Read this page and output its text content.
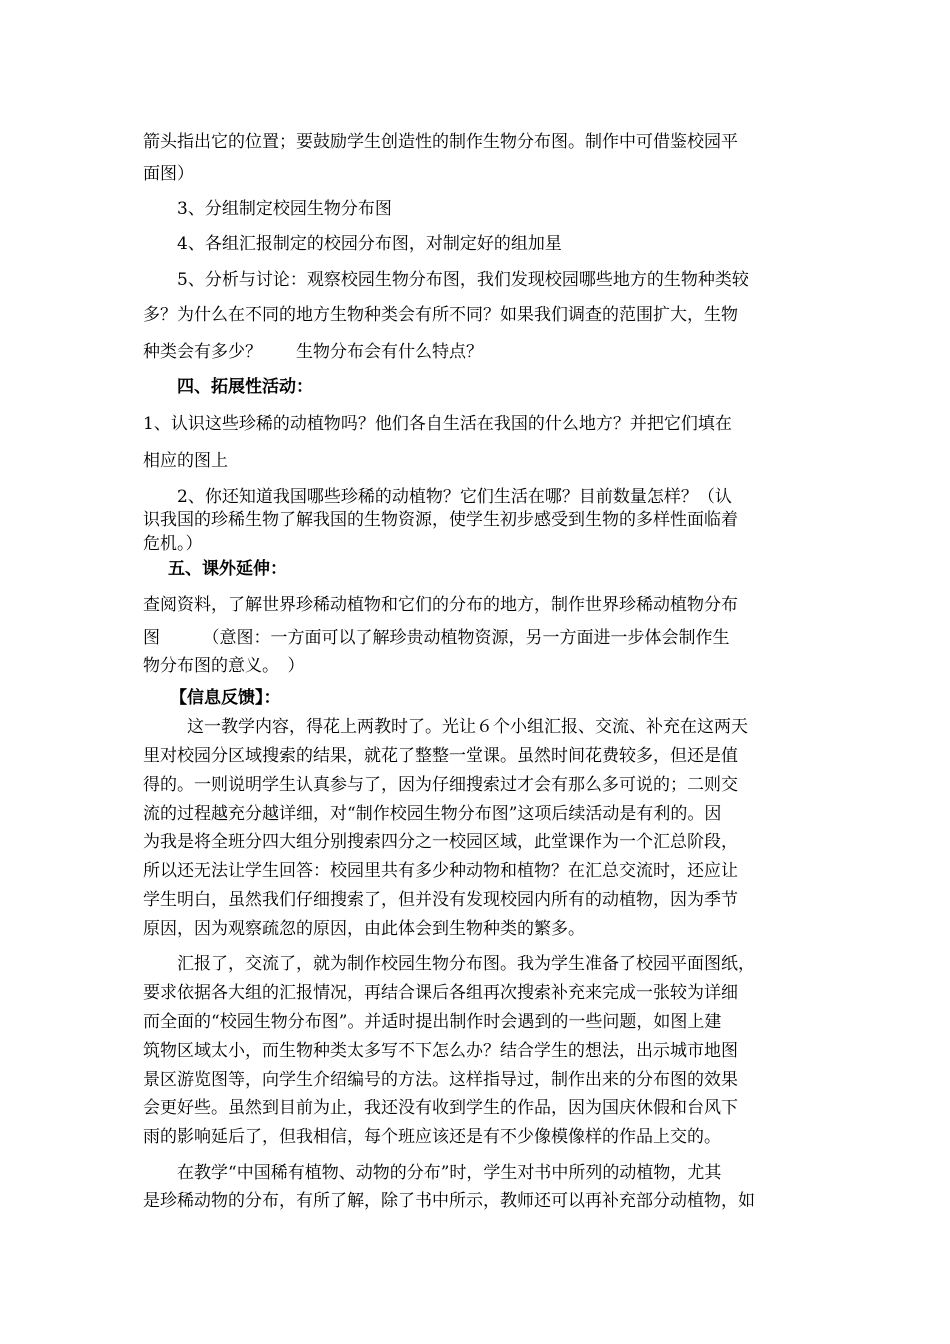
箭头指出它的位置；要鼓励学生创造性的制作生物分布图。制作中可借鉴校园平
面图）
3、分组制定校园生物分布图
4、各组汇报制定的校园分布图，对制定好的组加星
5、分析与讨论：观察校园生物分布图，我们发现校园哪些地方的生物种类较
多？为什么在不同的地方生物种类会有所不同？如果我们调查的范围扩大，生物
种类会有多少？　　生物分布会有什么特点？
四、拓展性活动：
1、认识这些珍稀的动植物吗？他们各自生活在我国的什么地方？并把它们填在
相应的图上
2、你还知道我国哪些珍稀的动植物？它们生活在哪？目前数量怎样？（认
识我国的珍稀生物了解我国的生物资源，使学生初步感受到生物的多样性面临着
危机。）
五、课外延伸：
查阅资料，了解世界珍稀动植物和它们的分布的地方，制作世界珍稀动植物分布
图　　　（意图：一方面可以了解珍贵动植物资源，另一方面进一步体会制作生
物分布图的意义。　）
【信息反馈】：
这一教学内容，得花上两教时了。光让６个小组汇报、交流、补充在这两天
里对校园分区域搜索的结果，就花了整整一堂课。虽然时间花费较多，但还是值
得的。一则说明学生认真参与了，因为仔细搜索过才会有那么多可说的；二则交
流的过程越充分越详细，对“制作校园生物分布图”这项后续活动是有利的。因
为我是将全班分四大组分别搜索四分之一校园区域，此堂课作为一个汇总阶段，
所以还无法让学生回答：校园里共有多少种动物和植物？在汇总交流时，还应让
学生明白，虽然我们仔细搜索了，但并没有发现校园内所有的动植物，因为季节
原因，因为观察疏忽的原因，由此体会到生物种类的繁多。
汇报了，交流了，就为制作校园生物分布图。我为学生准备了校园平面图纸，
要求依据各大组的汇报情况，再结合课后各组再次搜索补充来完成一张较为详细
而全面的“校园生物分布图”。并适时提出制作时会遇到的一些问题，如图上建
筑物区域太小，而生物种类太多写不下怎么办？结合学生的想法，出示城市地图
景区游览图等，向学生介绍编号的方法。这样指导过，制作出来的分布图的效果
会更好些。虽然到目前为止，我还没有收到学生的作品，因为国庆休假和台风下
雨的影响延后了，但我相信，每个班应该还是有不少像模像样的作品上交的。
在教学“中国稀有植物、动物的分布”时，学生对书中所列的动植物，尤其
是珍稀动物的分布，有所了解，除了书中所示，教师还可以再补充部分动植物，如
